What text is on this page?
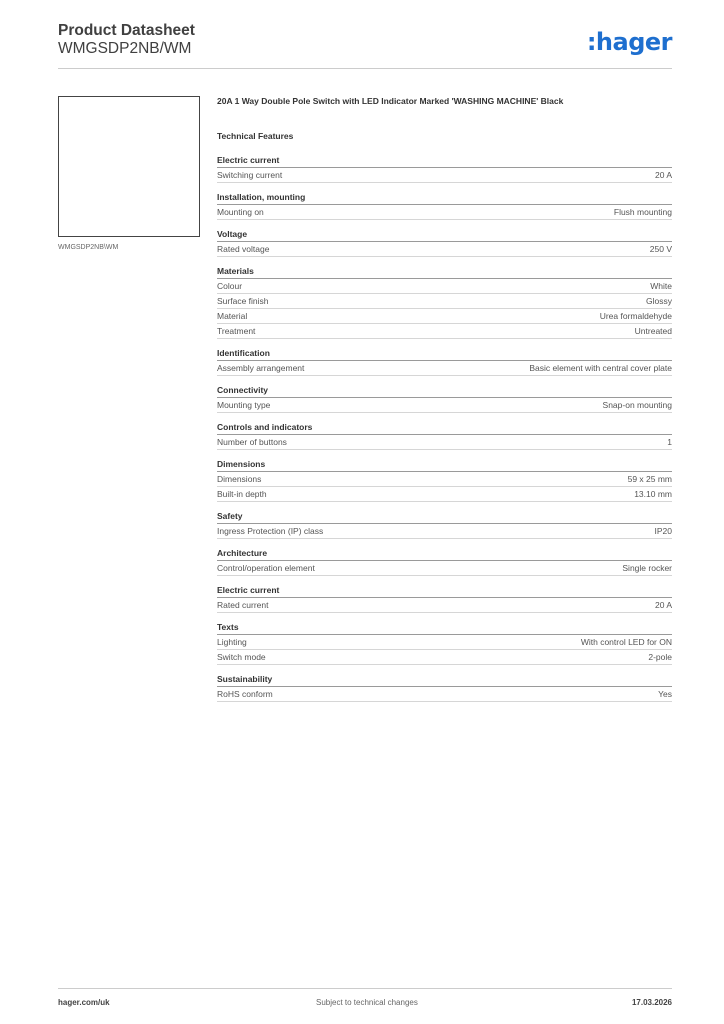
Product Datasheet
WMGSDP2NB/WM	:hager
WMGSDP2NB\WM
20A 1 Way Double Pole Switch with LED Indicator Marked 'WASHING MACHINE' Black
Technical Features
Electric current
Switching current	20 A
Installation, mounting
Mounting on	Flush mounting
Voltage
Rated voltage	250 V
Materials
Colour	White
Surface finish	Glossy
Material	Urea formaldehyde
Treatment	Untreated
Identification
Assembly arrangement	Basic element with central cover plate
Connectivity
Mounting type	Snap-on mounting
Controls and indicators
Number of buttons	1
Dimensions
Dimensions	59 x 25 mm
Built-in depth	13.10 mm
Safety
Ingress Protection (IP) class	IP20
Architecture
Control/operation element	Single rocker
Electric current
Rated current	20 A
Texts
Lighting	With control LED for ON
Switch mode	2-pole
Sustainability
RoHS conform	Yes
hager.com/uk	Subject to technical changes	17.03.2026
